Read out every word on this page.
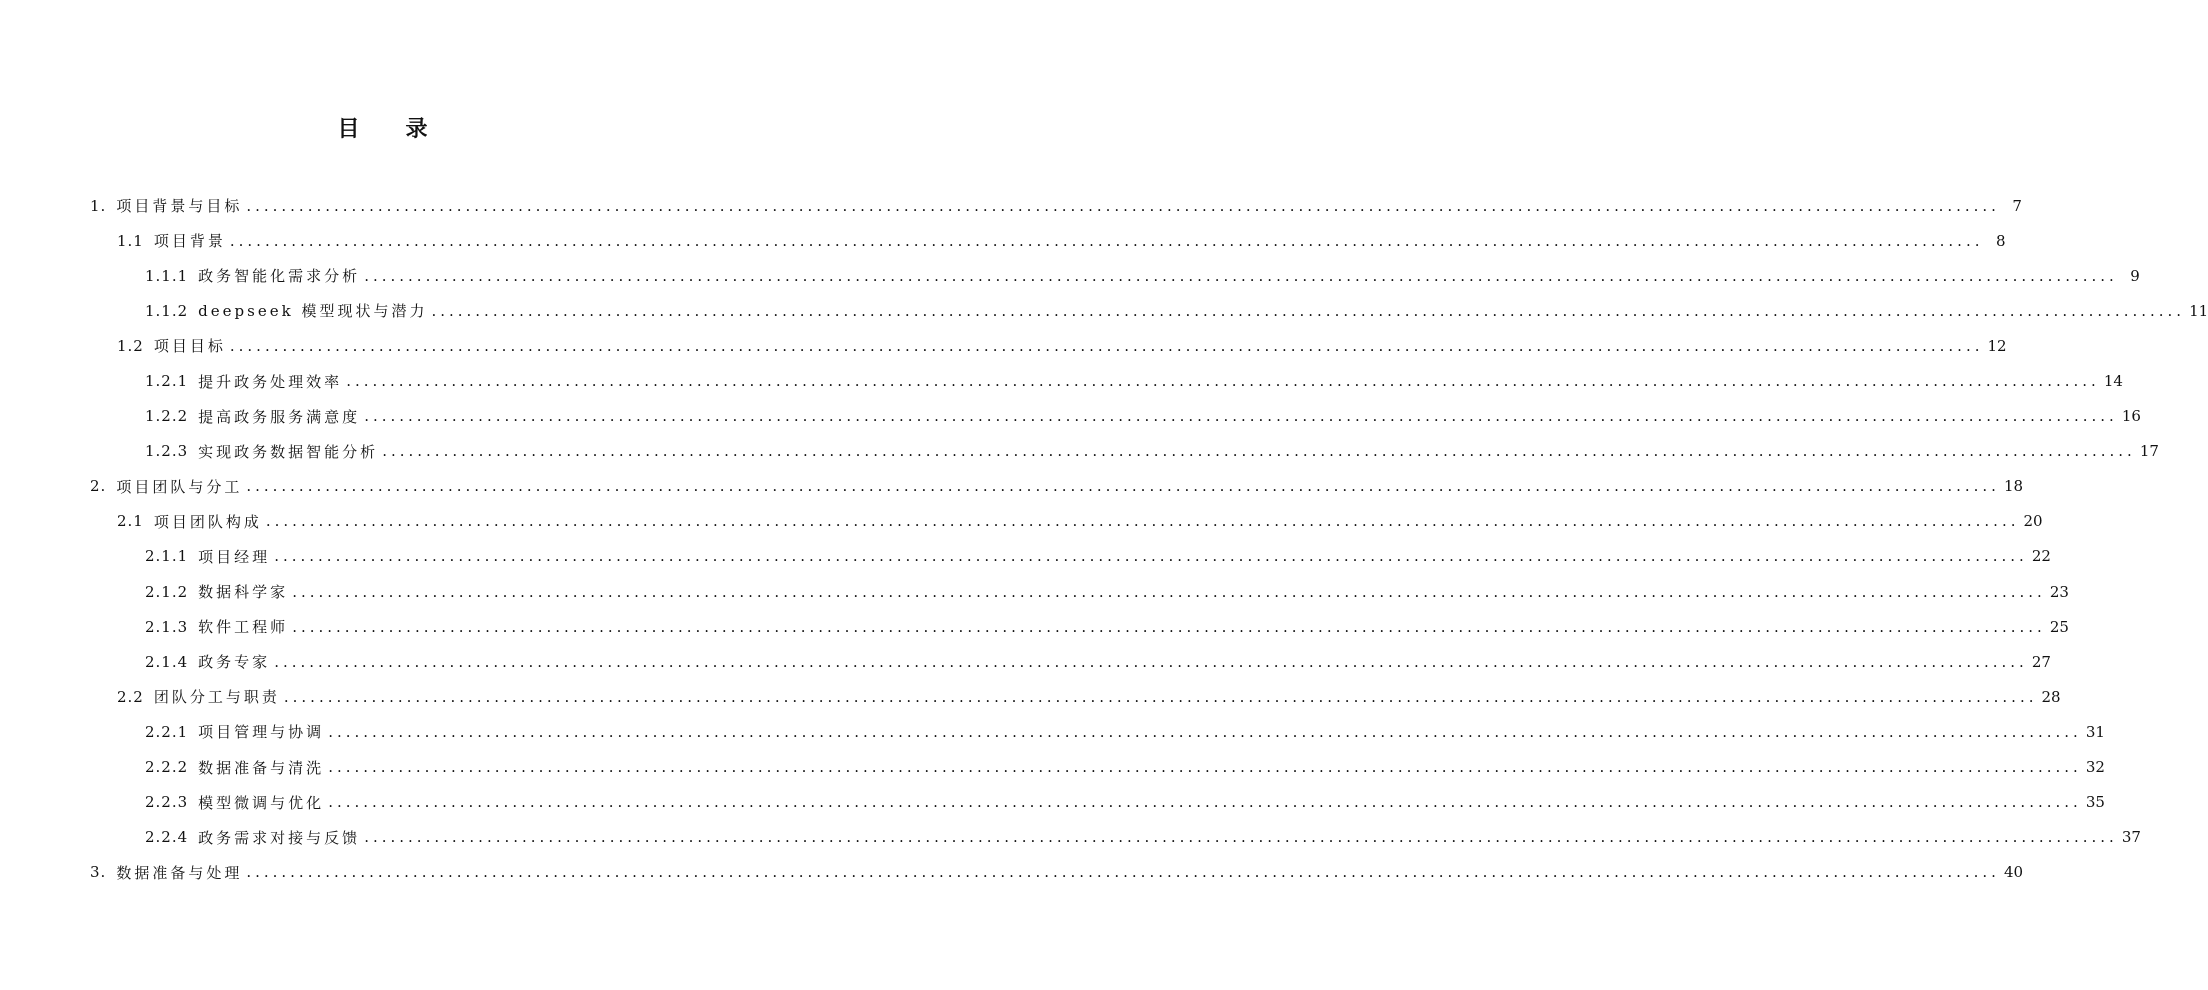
目 录
1. 项目背景与目标 ........................................................................................................................................................................................................ 7
1.1 项目背景 ........................................................................................................................................................................................................ 8
1.1.1 政务智能化需求分析 ........................................................................................................................................................................................................ 9
1.1.2 deepseek 模型现状与潜力 ........................................................................................................................................................................................................ 11
1.2 项目目标 ........................................................................................................................................................................................................ 12
1.2.1 提升政务处理效率 ........................................................................................................................................................................................................ 14
1.2.2 提高政务服务满意度 ........................................................................................................................................................................................................ 16
1.2.3 实现政务数据智能分析 ........................................................................................................................................................................................................ 17
2. 项目团队与分工 ........................................................................................................................................................................................................ 18
2.1 项目团队构成 ........................................................................................................................................................................................................ 20
2.1.1 项目经理 ........................................................................................................................................................................................................ 22
2.1.2 数据科学家 ........................................................................................................................................................................................................ 23
2.1.3 软件工程师 ........................................................................................................................................................................................................ 25
2.1.4 政务专家 ........................................................................................................................................................................................................ 27
2.2 团队分工与职责 ........................................................................................................................................................................................................ 28
2.2.1 项目管理与协调 ........................................................................................................................................................................................................ 31
2.2.2 数据准备与清洗 ........................................................................................................................................................................................................ 32
2.2.3 模型微调与优化 ........................................................................................................................................................................................................ 35
2.2.4 政务需求对接与反馈 ........................................................................................................................................................................................................ 37
3. 数据准备与处理 ........................................................................................................................................................................................................ 40
